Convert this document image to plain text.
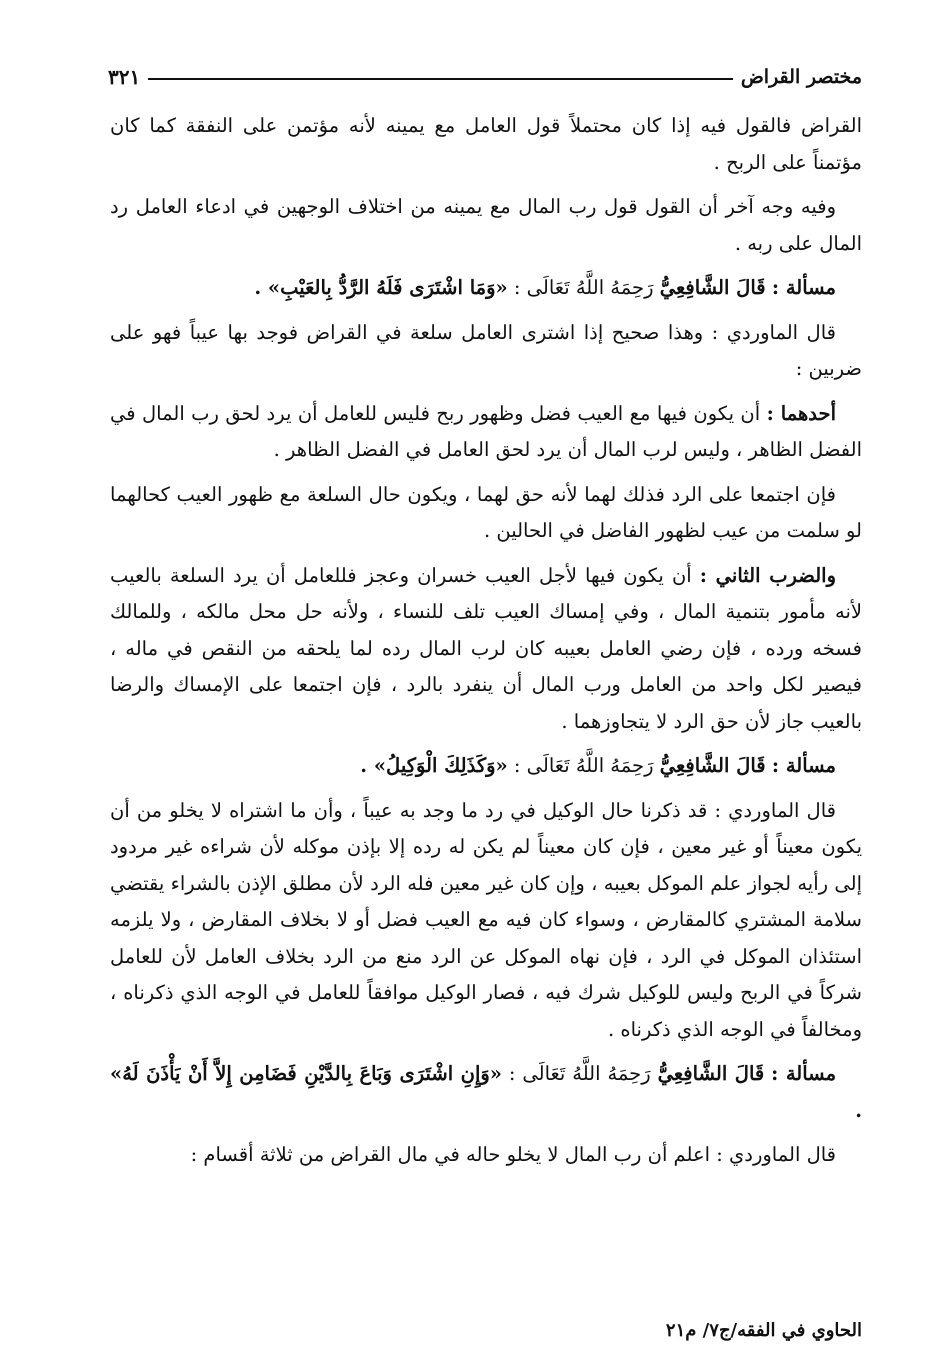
مختصر القراض
٣٢١

القراض فالقول فيه إذا كان محتملاً قول العامل مع يمينه لأنه مؤتمن على النفقة كما كان مؤتمناً على الربح .

وفيه وجه آخر أن القول قول رب المال مع يمينه من اختلاف الوجهين في ادعاء العامل رد المال على ربه .

مسألة : قَالَ الشَّافِعِيُّ رَحِمَهُ اللَّهُ تَعَالَى : «وَمَا اشْتَرَى فَلَهُ الرَّدُّ بِالعَيْبِ» .

قال الماوردي : وهذا صحيح إذا اشترى العامل سلعة في القراض فوجد بها عيباً فهو على ضربين :

أحدهما : أن يكون فيها مع العيب فضل وظهور ربح فليس للعامل أن يرد لحق رب المال في الفضل الظاهر ، وليس لرب المال أن يرد لحق العامل في الفضل الظاهر .

فإن اجتمعا على الرد فذلك لهما لأنه حق لهما ، ويكون حال السلعة مع ظهور العيب كحالهما لو سلمت من عيب لظهور الفاضل في الحالين .

والضرب الثاني : أن يكون فيها لأجل العيب خسران وعجز فللعامل أن يرد السلعة بالعيب لأنه مأمور بتنمية المال ، وفي إمساك العيب تلف للنساء ، ولأنه حل محل مالكه ، وللمالك فسخه ورده ، فإن رضي العامل بعيبه كان لرب المال رده لما يلحقه من النقص في ماله ، فيصير لكل واحد من العامل ورب المال أن ينفرد بالرد ، فإن اجتمعا على الإمساك والرضا بالعيب جاز لأن حق الرد لا يتجاوزهما .

مسألة : قَالَ الشَّافِعِيُّ رَحِمَهُ اللَّهُ تَعَالَى : «وَكَذَلِكَ الْوَكِيلُ» .

قال الماوردي : قد ذكرنا حال الوكيل في رد ما وجد به عيباً ، وأن ما اشتراه لا يخلو من أن يكون معيناً أو غير معين ، فإن كان معيناً لم يكن له رده إلا بإذن موكله لأن شراءه غير مردود إلى رأيه لجواز علم الموكل بعيبه ، وإن كان غير معين فله الرد لأن مطلق الإذن بالشراء يقتضي سلامة المشتري كالمقارض ، وسواء كان فيه مع العيب فضل أو لا بخلاف المقارض ، ولا يلزمه استئذان الموكل في الرد ، فإن نهاه الموكل عن الرد منع من الرد بخلاف العامل لأن للعامل شركاً في الربح وليس للوكيل شرك فيه ، فصار الوكيل موافقاً للعامل في الوجه الذي ذكرناه ، ومخالفاً في الوجه الذي ذكرناه .

مسألة : قَالَ الشَّافِعِيُّ رَحِمَهُ اللَّهُ تَعَالَى : «وَإِنِ اشْتَرَى وَبَاعَ بِالدَّيْنِ فَضَامِن إِلاَّ أَنْ يَأْذَنَ لَهُ» .

قال الماوردي : اعلم أن رب المال لا يخلو حاله في مال القراض من ثلاثة أقسام :

الحاوي في الفقه/ج٧/ م٢١
